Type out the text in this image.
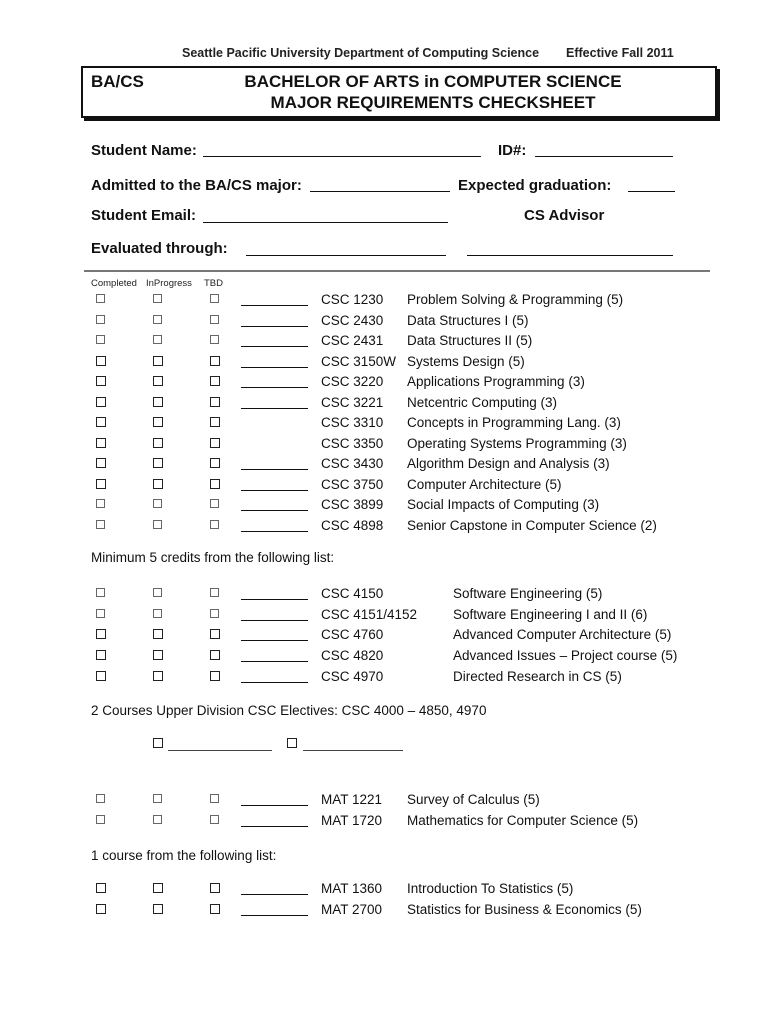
Seattle Pacific University Department of Computing Science Effective Fall 2011
BA/CS	BACHELOR OF ARTS in COMPUTER SCIENCE
MAJOR REQUIREMENTS CHECKSHEET
Student Name:	ID#:
Admitted to the BA/CS major:	Expected graduation:
Student Email:	CS Advisor
Evaluated through:
Completed InProgress TBD
CSC 1230 Problem Solving & Programming (5)
CSC 2430 Data Structures I (5)
CSC 2431 Data Structures II (5)
CSC 3150W Systems Design (5)
CSC 3220 Applications Programming (3)
CSC 3221 Netcentric Computing (3)
CSC 3310 Concepts in Programming Lang. (3)
CSC 3350 Operating Systems Programming (3)
CSC 3430 Algorithm Design and Analysis (3)
CSC 3750 Computer Architecture (5)
CSC 3899 Social Impacts of Computing (3)
CSC 4898 Senior Capstone in Computer Science (2)
Minimum 5 credits from the following list:
CSC 4150	Software Engineering (5)
CSC 4151/4152	Software Engineering I and II (6)
CSC 4760	Advanced Computer Architecture (5)
CSC 4820	Advanced Issues – Project course (5)
CSC 4970	Directed Research in CS (5)
2 Courses Upper Division CSC Electives: CSC 4000 – 4850, 4970
MAT 1221 Survey of Calculus (5)
MAT 1720 Mathematics for Computer Science (5)
1 course from the following list:
MAT 1360 Introduction To Statistics (5)
MAT 2700 Statistics for Business & Economics (5)
